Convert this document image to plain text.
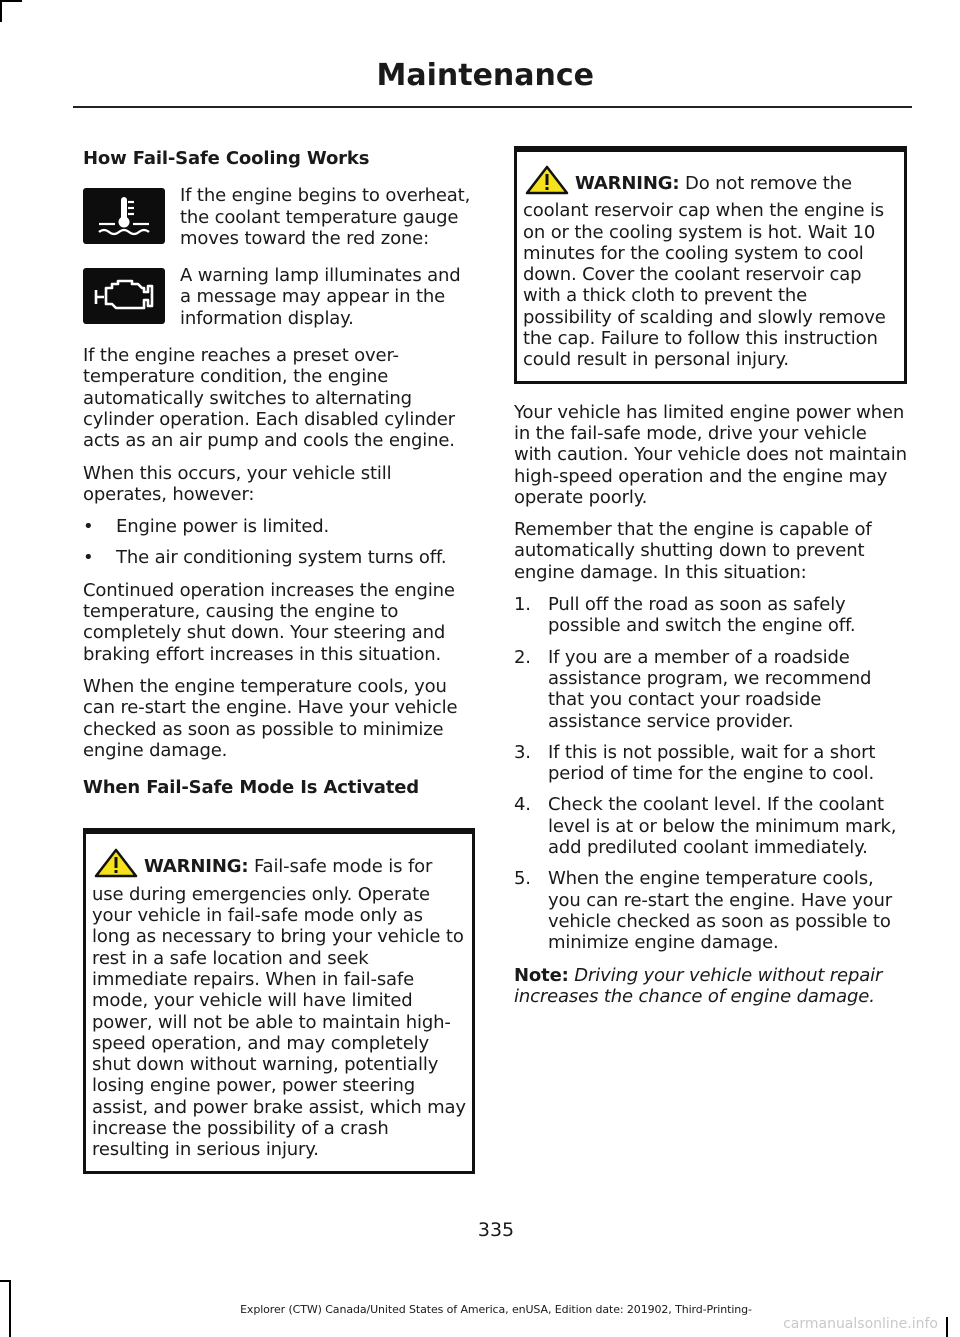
Maintenance
How Fail-Safe Cooling Works
If the engine begins to overheat, the coolant temperature gauge moves toward the red zone:
A warning lamp illuminates and a message may appear in the information display.

If the engine reaches a preset over-temperature condition, the engine automatically switches to alternating cylinder operation. Each disabled cylinder acts as an air pump and cools the engine.

When this occurs, your vehicle still operates, however:

•	Engine power is limited.
•	The air conditioning system turns off.

Continued operation increases the engine temperature, causing the engine to completely shut down. Your steering and braking effort increases in this situation.

When the engine temperature cools, you can re-start the engine. Have your vehicle checked as soon as possible to minimize engine damage.

When Fail-Safe Mode Is Activated
WARNING: Fail-safe mode is for use during emergencies only. Operate your vehicle in fail-safe mode only as long as necessary to bring your vehicle to rest in a safe location and seek immediate repairs. When in fail-safe mode, your vehicle will have limited power, will not be able to maintain high-speed operation, and may completely shut down without warning, potentially losing engine power, power steering assist, and power brake assist, which may increase the possibility of a crash resulting in serious injury.
WARNING: Do not remove the coolant reservoir cap when the engine is on or the cooling system is hot. Wait 10 minutes for the cooling system to cool down. Cover the coolant reservoir cap with a thick cloth to prevent the possibility of scalding and slowly remove the cap. Failure to follow this instruction could result in personal injury.

Your vehicle has limited engine power when in the fail-safe mode, drive your vehicle with caution. Your vehicle does not maintain high-speed operation and the engine may operate poorly.

Remember that the engine is capable of automatically shutting down to prevent engine damage. In this situation:

1. Pull off the road as soon as safely possible and switch the engine off.
2. If you are a member of a roadside assistance program, we recommend that you contact your roadside assistance service provider.
3. If this is not possible, wait for a short period of time for the engine to cool.
4. Check the coolant level. If the coolant level is at or below the minimum mark, add prediluted coolant immediately.
5. When the engine temperature cools, you can re-start the engine. Have your vehicle checked as soon as possible to minimize engine damage.

Note: Driving your vehicle without repair increases the chance of engine damage.

335
Explorer (CTW) Canada/United States of America, enUSA, Edition date: 201902, Third-Printing-
carmanualsonline.info
